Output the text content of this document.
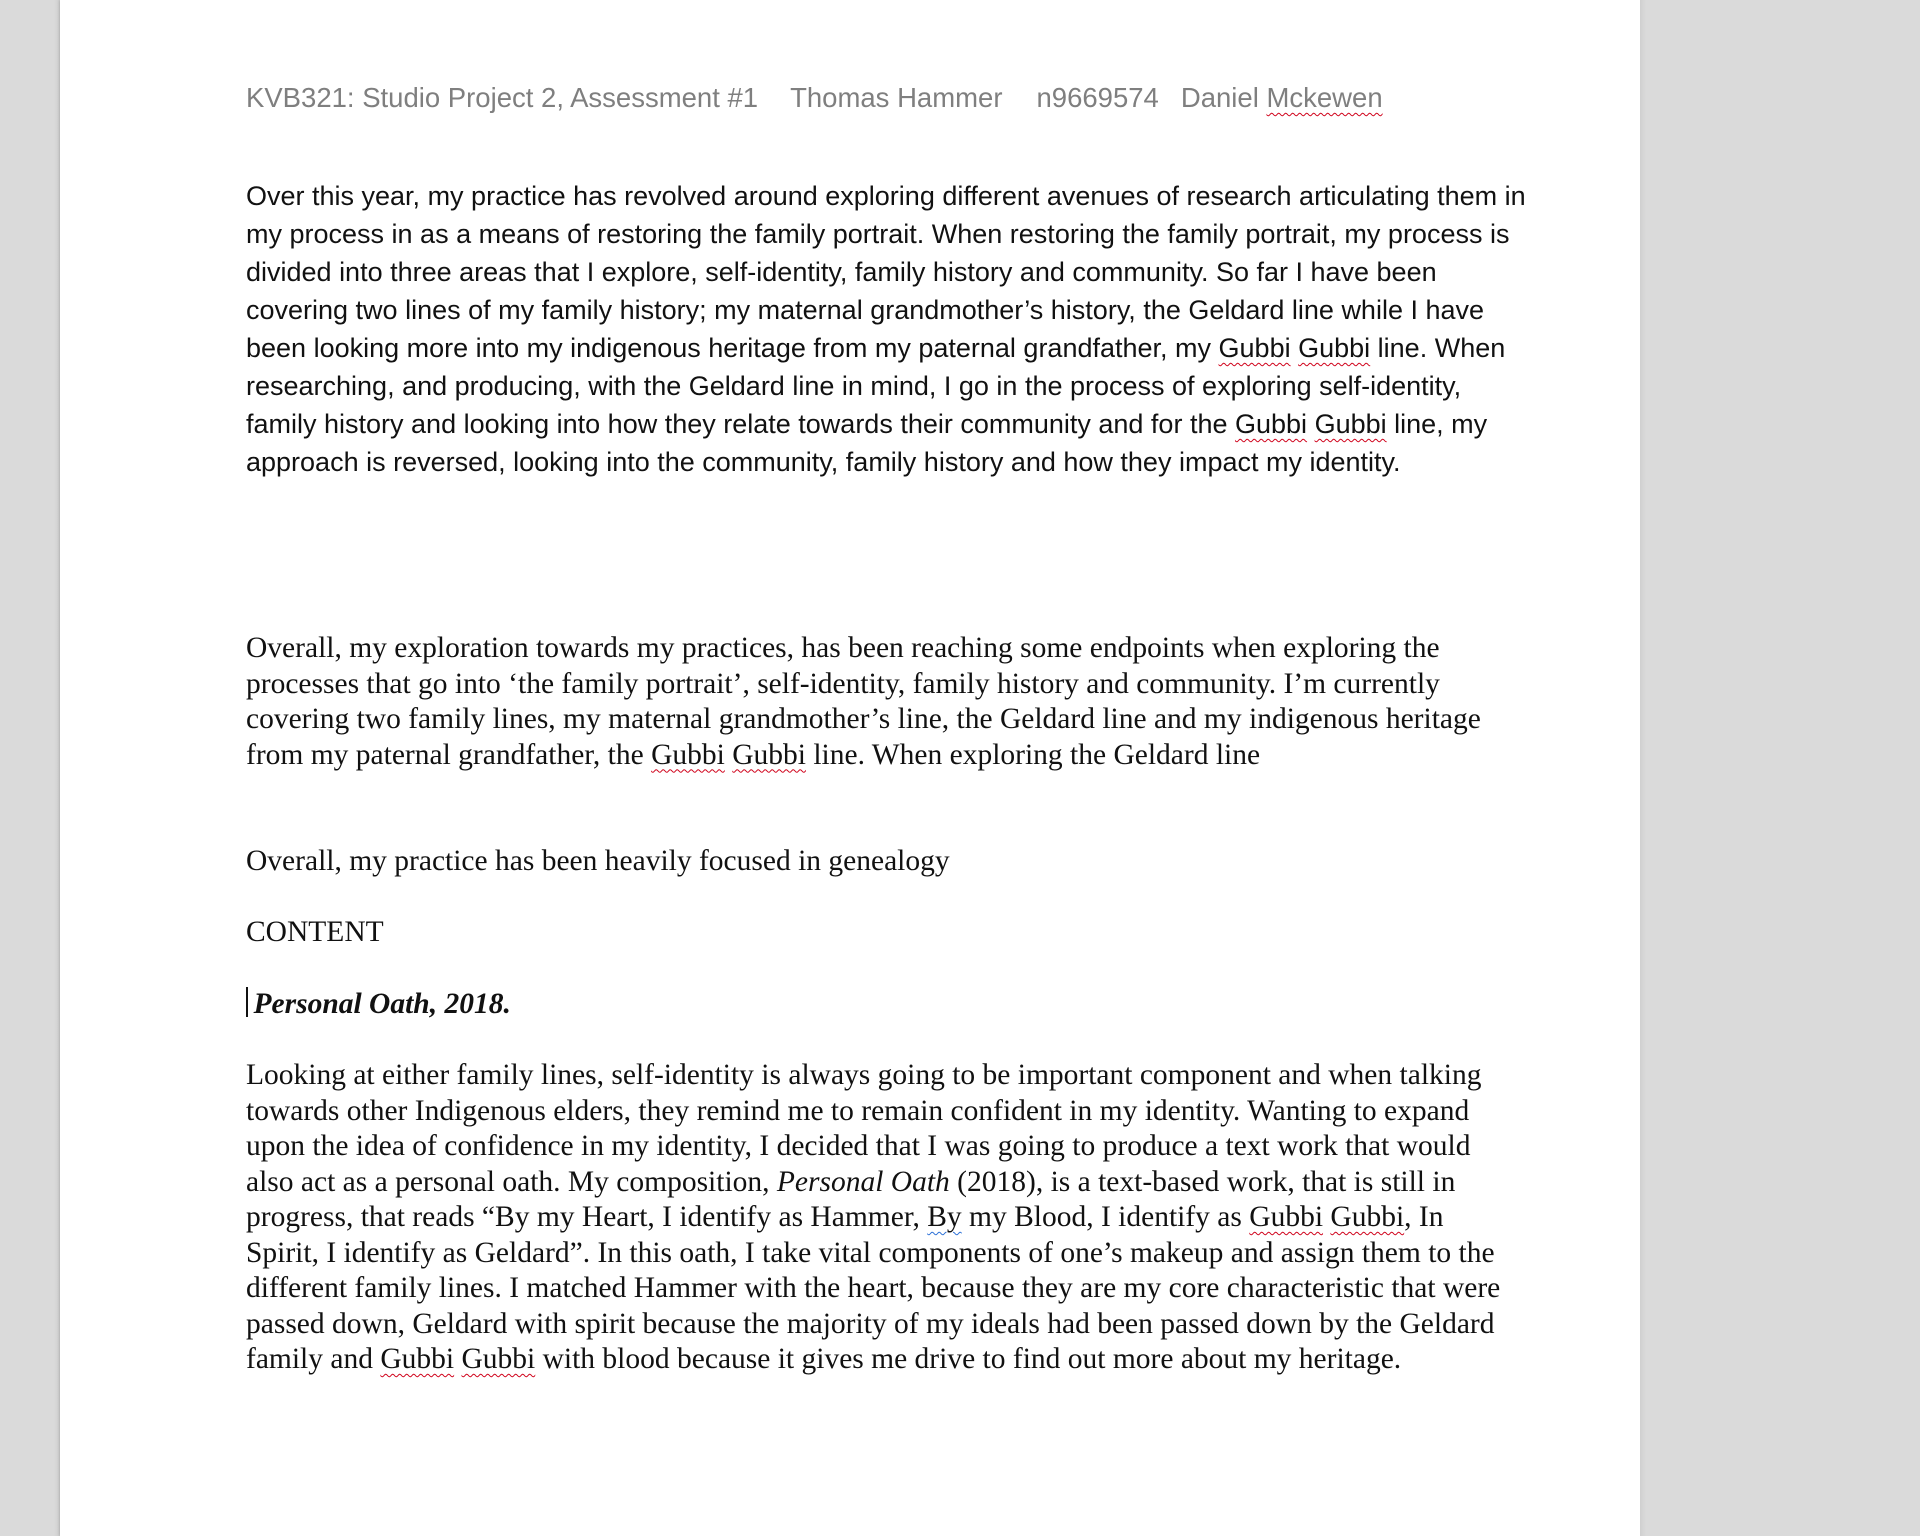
KVB321: Studio Project 2, Assessment #1 Thomas Hammer n9669574 Daniel Mckewen

Over this year, my practice has revolved around exploring different avenues of research articulating them in my process in as a means of restoring the family portrait. When restoring the family portrait, my process is divided into three areas that I explore, self-identity, family history and community. So far I have been covering two lines of my family history; my maternal grandmother’s history, the Geldard line while I have been looking more into my indigenous heritage from my paternal grandfather, my Gubbi Gubbi line. When researching, and producing, with the Geldard line in mind, I go in the process of exploring self-identity, family history and looking into how they relate towards their community and for the Gubbi Gubbi line, my approach is reversed, looking into the community, family history and how they impact my identity.

Overall, my exploration towards my practices, has been reaching some endpoints when exploring the processes that go into ‘the family portrait’, self-identity, family history and community. I’m currently covering two family lines, my maternal grandmother’s line, the Geldard line and my indigenous heritage from my paternal grandfather, the Gubbi Gubbi line. When exploring the Geldard line

Overall, my practice has been heavily focused in genealogy

CONTENT

Personal Oath, 2018.

Looking at either family lines, self-identity is always going to be important component and when talking towards other Indigenous elders, they remind me to remain confident in my identity. Wanting to expand upon the idea of confidence in my identity, I decided that I was going to produce a text work that would also act as a personal oath. My composition, Personal Oath (2018), is a text-based work, that is still in progress, that reads “By my Heart, I identify as Hammer, By my Blood, I identify as Gubbi Gubbi, In Spirit, I identify as Geldard”. In this oath, I take vital components of one’s makeup and assign them to the different family lines. I matched Hammer with the heart, because they are my core characteristic that were passed down, Geldard with spirit because the majority of my ideals had been passed down by the Geldard family and Gubbi Gubbi with blood because it gives me drive to find out more about my heritage.
